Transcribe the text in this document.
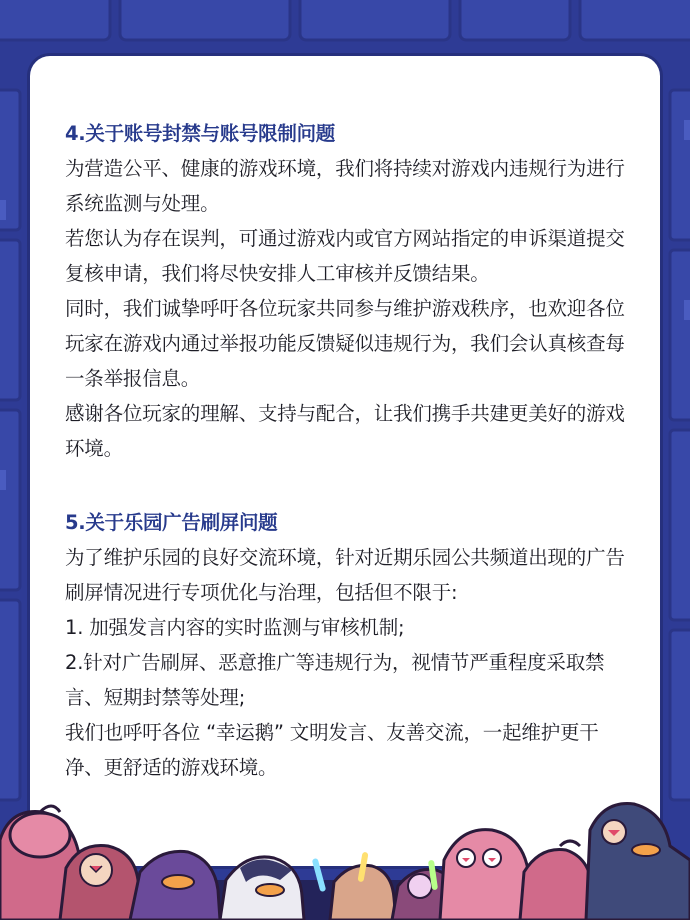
4.关于账号封禁与账号限制问题

为营造公平、健康的游戏环境，我们将持续对游戏内违规行为进行系统监测与处理。

若您认为存在误判，可通过游戏内或官方网站指定的申诉渠道提交复核申请，我们将尽快安排人工审核并反馈结果。

同时，我们诚挚呼吁各位玩家共同参与维护游戏秩序，也欢迎各位玩家在游戏内通过举报功能反馈疑似违规行为，我们会认真核查每一条举报信息。

感谢各位玩家的理解、支持与配合，让我们携手共建更美好的游戏环境。

5.关于乐园广告刷屏问题

为了维护乐园的良好交流环境，针对近期乐园公共频道出现的广告刷屏情况进行专项优化与治理，包括但不限于:

1. 加强发言内容的实时监测与审核机制;

2.针对广告刷屏、恶意推广等违规行为，视情节严重程度采取禁言、短期封禁等处理;

我们也呼吁各位 “幸运鹅” 文明发言、友善交流，一起维护更干净、更舒适的游戏环境。
